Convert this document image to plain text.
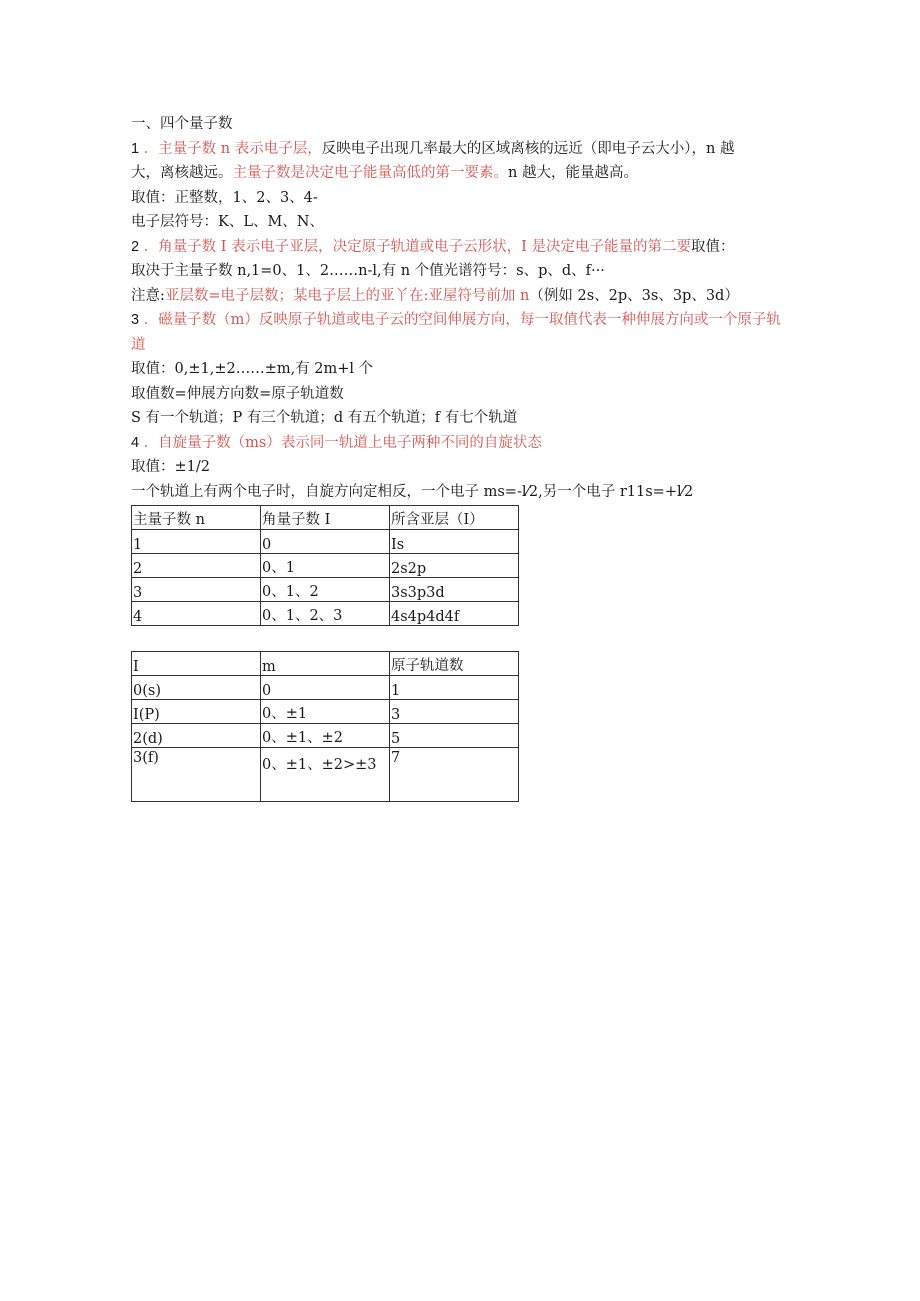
一、四个量子数
1 ．主量子数 n 表示电子层，反映电子出现几率最大的区域离核的远近（即电子云大小），n 越
大，离核越远。主量子数是决定电子能量高低的第一要素。n 越大，能量越高。
取值：正整数，1、2、3、4-
电子层符号：K、L、M、N、
2 ．角量子数 I 表示电子亚层，决定原子轨道或电子云形状，I 是决定电子能量的第二要取值：
取决于主量子数 n,1=0、1、2……n-l,有 n 个值光谱符号：s、p、d、f···
注意:亚层数=电子层数；某电子层上的亚丫在:亚屋符号前加 n（例如 2s、2p、3s、3p、3d）
3 ．磁量子数（m）反映原子轨道或电子云的空间伸展方向，每一取值代表一种伸展方向或一个原子轨道
取值：0,±1,±2……±m,有 2m+l 个
取值数=伸展方向数=原子轨道数
S 有一个轨道；P 有三个轨道；d 有五个轨道；f 有七个轨道
4 ．自旋量子数（ms）表示同一轨道上电子两种不同的自旋状态
取值：±1/2
一个轨道上有两个电子时，自旋方向定相反，一个电子 ms=-l⁄2,另一个电子 r11s=+l⁄2
主量子数 n	角量子数 I	所含亚层（I）
1	0	Is
2	0、1	2s2p
3	0、1、2	3s3p3d
4	0、1、2、3	4s4p4d4f
I	m	原子轨道数
0(s)	0	1
I(P)	0、±1	3
2(d)	0、±1、±2	5
3(f)	0、±1、±2>±3	7
